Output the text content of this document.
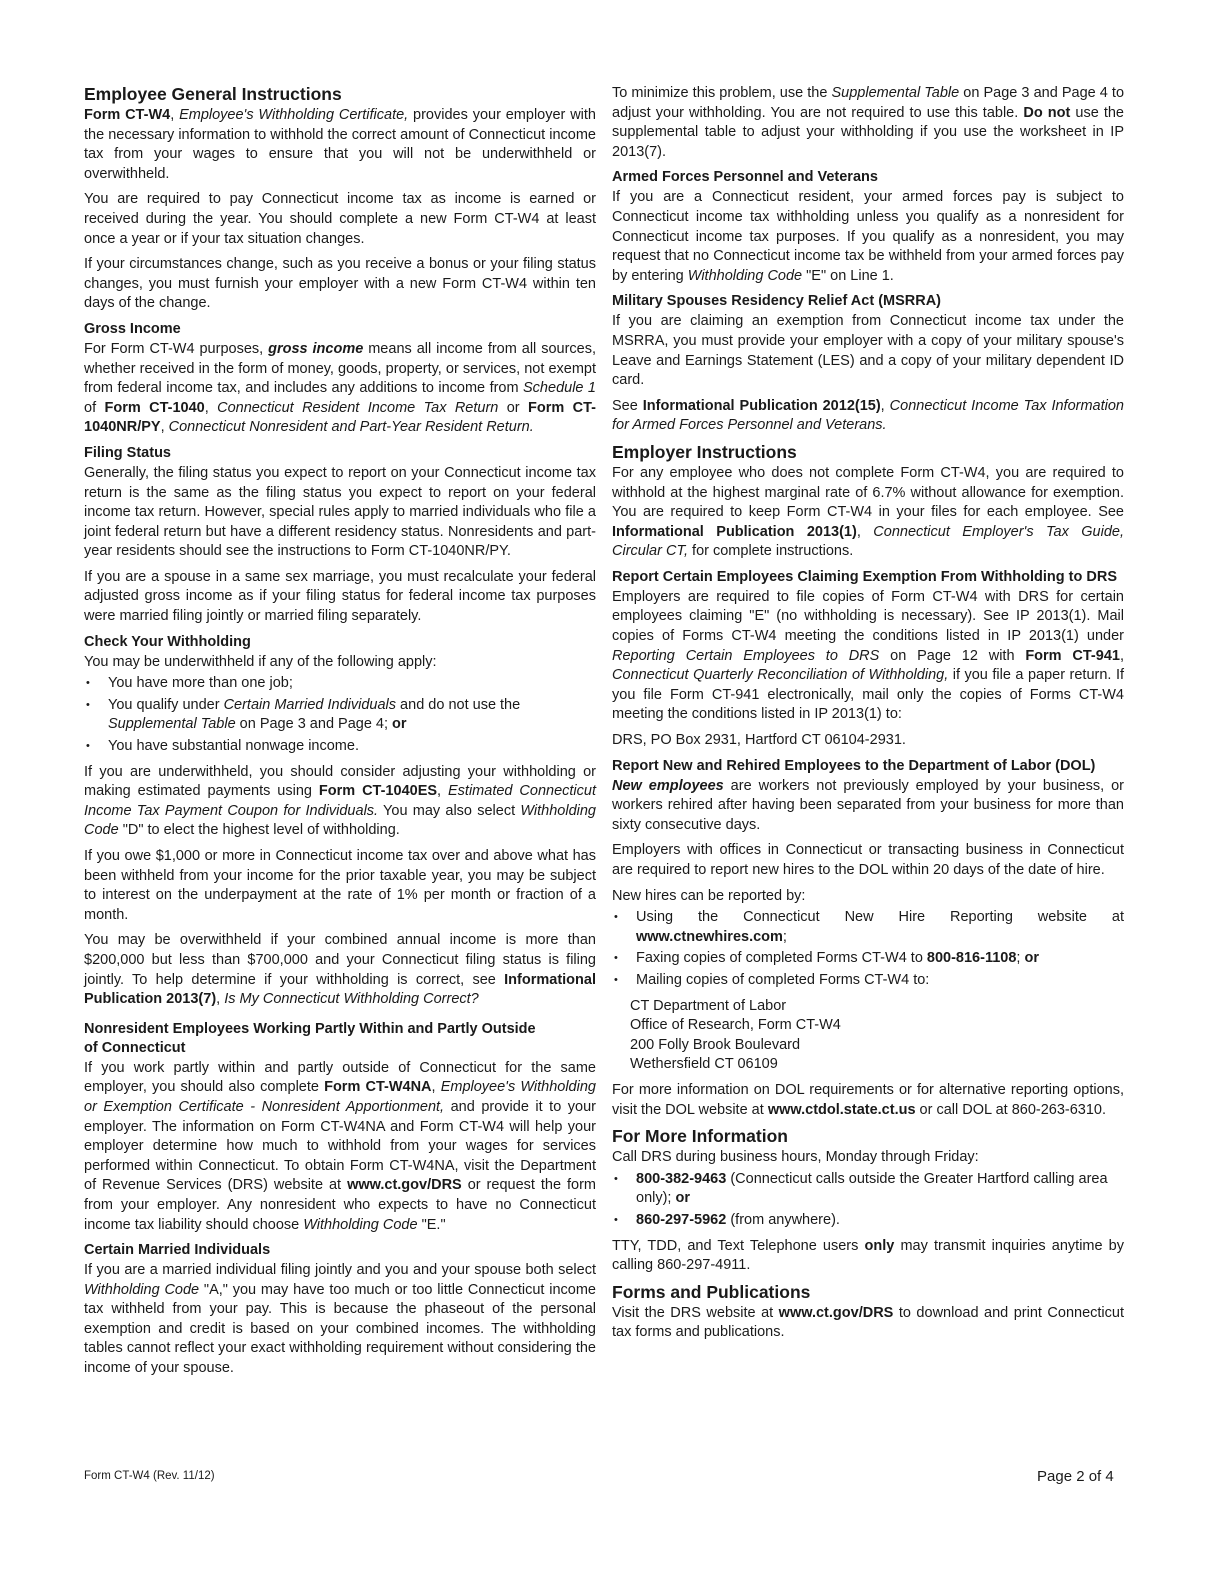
Employee General Instructions

Form CT-W4, Employee's Withholding Certificate, provides your employer with the necessary information to withhold the correct amount of Connecticut income tax from your wages to ensure that you will not be underwithheld or overwithheld.

You are required to pay Connecticut income tax as income is earned or received during the year. You should complete a new Form CT-W4 at least once a year or if your tax situation changes.

If your circumstances change, such as you receive a bonus or your filing status changes, you must furnish your employer with a new Form CT-W4 within ten days of the change.

Gross Income

For Form CT-W4 purposes, gross income means all income from all sources, whether received in the form of money, goods, property, or services, not exempt from federal income tax, and includes any additions to income from Schedule 1 of Form CT-1040, Connecticut Resident Income Tax Return or Form CT-1040NR/PY, Connecticut Nonresident and Part-Year Resident Return.

Filing Status

Generally, the filing status you expect to report on your Connecticut income tax return is the same as the filing status you expect to report on your federal income tax return. However, special rules apply to married individuals who file a joint federal return but have a different residency status. Nonresidents and part-year residents should see the instructions to Form CT-1040NR/PY.

If you are a spouse in a same sex marriage, you must recalculate your federal adjusted gross income as if your filing status for federal income tax purposes were married filing jointly or married filing separately.

Check Your Withholding

You may be underwithheld if any of the following apply:

• You have more than one job;
• You qualify under Certain Married Individuals and do not use the Supplemental Table on Page 3 and Page 4; or
• You have substantial nonwage income.

If you are underwithheld, you should consider adjusting your withholding or making estimated payments using Form CT-1040ES, Estimated Connecticut Income Tax Payment Coupon for Individuals. You may also select Withholding Code "D" to elect the highest level of withholding.

If you owe $1,000 or more in Connecticut income tax over and above what has been withheld from your income for the prior taxable year, you may be subject to interest on the underpayment at the rate of 1% per month or fraction of a month.

You may be overwithheld if your combined annual income is more than $200,000 but less than $700,000 and your Connecticut filing status is filing jointly. To help determine if your withholding is correct, see Informational Publication 2013(7), Is My Connecticut Withholding Correct?

Nonresident Employees Working Partly Within and Partly Outside of Connecticut

If you work partly within and partly outside of Connecticut for the same employer, you should also complete Form CT-W4NA, Employee's Withholding or Exemption Certificate - Nonresident Apportionment, and provide it to your employer. The information on Form CT-W4NA and Form CT-W4 will help your employer determine how much to withhold from your wages for services performed within Connecticut. To obtain Form CT-W4NA, visit the Department of Revenue Services (DRS) website at www.ct.gov/DRS or request the form from your employer. Any nonresident who expects to have no Connecticut income tax liability should choose Withholding Code "E."

Certain Married Individuals

If you are a married individual filing jointly and you and your spouse both select Withholding Code "A," you may have too much or too little Connecticut income tax withheld from your pay. This is because the phaseout of the personal exemption and credit is based on your combined incomes. The withholding tables cannot reflect your exact withholding requirement without considering the income of your spouse.

To minimize this problem, use the Supplemental Table on Page 3 and Page 4 to adjust your withholding. You are not required to use this table. Do not use the supplemental table to adjust your withholding if you use the worksheet in IP 2013(7).

Armed Forces Personnel and Veterans

If you are a Connecticut resident, your armed forces pay is subject to Connecticut income tax withholding unless you qualify as a nonresident for Connecticut income tax purposes. If you qualify as a nonresident, you may request that no Connecticut income tax be withheld from your armed forces pay by entering Withholding Code "E" on Line 1.

Military Spouses Residency Relief Act (MSRRA)

If you are claiming an exemption from Connecticut income tax under the MSRRA, you must provide your employer with a copy of your military spouse's Leave and Earnings Statement (LES) and a copy of your military dependent ID card.

See Informational Publication 2012(15), Connecticut Income Tax Information for Armed Forces Personnel and Veterans.

Employer Instructions

For any employee who does not complete Form CT-W4, you are required to withhold at the highest marginal rate of 6.7% without allowance for exemption. You are required to keep Form CT-W4 in your files for each employee. See Informational Publication 2013(1), Connecticut Employer's Tax Guide, Circular CT, for complete instructions.

Report Certain Employees Claiming Exemption From Withholding to DRS

Employers are required to file copies of Form CT-W4 with DRS for certain employees claiming "E" (no withholding is necessary). See IP 2013(1). Mail copies of Forms CT-W4 meeting the conditions listed in IP 2013(1) under Reporting Certain Employees to DRS on Page 12 with Form CT-941, Connecticut Quarterly Reconciliation of Withholding, if you file a paper return. If you file Form CT-941 electronically, mail only the copies of Forms CT-W4 meeting the conditions listed in IP 2013(1) to:

DRS, PO Box 2931, Hartford CT 06104-2931.

Report New and Rehired Employees to the Department of Labor (DOL)

New employees are workers not previously employed by your business, or workers rehired after having been separated from your business for more than sixty consecutive days.

Employers with offices in Connecticut or transacting business in Connecticut are required to report new hires to the DOL within 20 days of the date of hire.

New hires can be reported by:

• Using the Connecticut New Hire Reporting website at www.ctnewhires.com;
• Faxing copies of completed Forms CT-W4 to 800-816-1108; or
• Mailing copies of completed Forms CT-W4 to:
CT Department of Labor
Office of Research, Form CT-W4
200 Folly Brook Boulevard
Wethersfield CT 06109

For more information on DOL requirements or for alternative reporting options, visit the DOL website at www.ctdol.state.ct.us or call DOL at 860-263-6310.

For More Information

Call DRS during business hours, Monday through Friday:

• 800-382-9463 (Connecticut calls outside the Greater Hartford calling area only); or
• 860-297-5962 (from anywhere).

TTY, TDD, and Text Telephone users only may transmit inquiries anytime by calling 860-297-4911.

Forms and Publications

Visit the DRS website at www.ct.gov/DRS to download and print Connecticut tax forms and publications.

Form CT-W4 (Rev. 11/12)	Page 2 of 4
